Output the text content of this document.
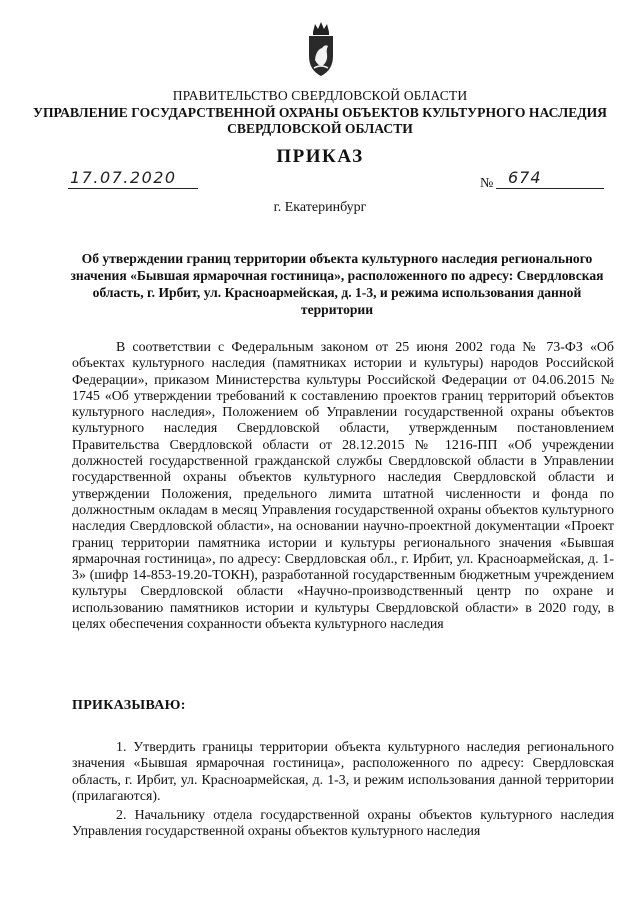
ПРАВИТЕЛЬСТВО СВЕРДЛОВСКОЙ ОБЛАСТИ
УПРАВЛЕНИЕ ГОСУДАРСТВЕННОЙ ОХРАНЫ ОБЪЕКТОВ КУЛЬТУРНОГО НАСЛЕДИЯ СВЕРДЛОВСКОЙ ОБЛАСТИ
ПРИКАЗ
17.07.2020	№ 674
г. Екатеринбург
Об утверждении границ территории объекта культурного наследия регионального значения «Бывшая ярмарочная гостиница», расположенного по адресу: Свердловская область, г. Ирбит, ул. Красноармейская, д. 1-3, и режима использования данной территории

В соответствии с Федеральным законом от 25 июня 2002 года № 73-ФЗ «Об объектах культурного наследия (памятниках истории и культуры) народов Российской Федерации», приказом Министерства культуры Российской Федерации от 04.06.2015 № 1745 «Об утверждении требований к составлению проектов границ территорий объектов культурного наследия», Положением об Управлении государственной охраны объектов культурного наследия Свердловской области, утвержденным постановлением Правительства Свердловской области от 28.12.2015 № 1216-ПП «Об учреждении должностей государственной гражданской службы Свердловской области в Управлении государственной охраны объектов культурного наследия Свердловской области и утверждении Положения, предельного лимита штатной численности и фонда по должностным окладам в месяц Управления государственной охраны объектов культурного наследия Свердловской области», на основании научно-проектной документации «Проект границ территории памятника истории и культуры регионального значения «Бывшая ярмарочная гостиница», по адресу: Свердловская обл., г. Ирбит, ул. Красноармейская, д. 1-3» (шифр 14-853-19.20-ТОКН), разработанной государственным бюджетным учреждением культуры Свердловской области «Научно-производственный центр по охране и использованию памятников истории и культуры Свердловской области» в 2020 году, в целях обеспечения сохранности объекта культурного наследия

ПРИКАЗЫВАЮ:

1. Утвердить границы территории объекта культурного наследия регионального значения «Бывшая ярмарочная гостиница», расположенного по адресу: Свердловская область, г. Ирбит, ул. Красноармейская, д. 1-3, и режим использования данной территории (прилагаются).

2. Начальнику отдела государственной охраны объектов культурного наследия Управления государственной охраны объектов культурного наследия
